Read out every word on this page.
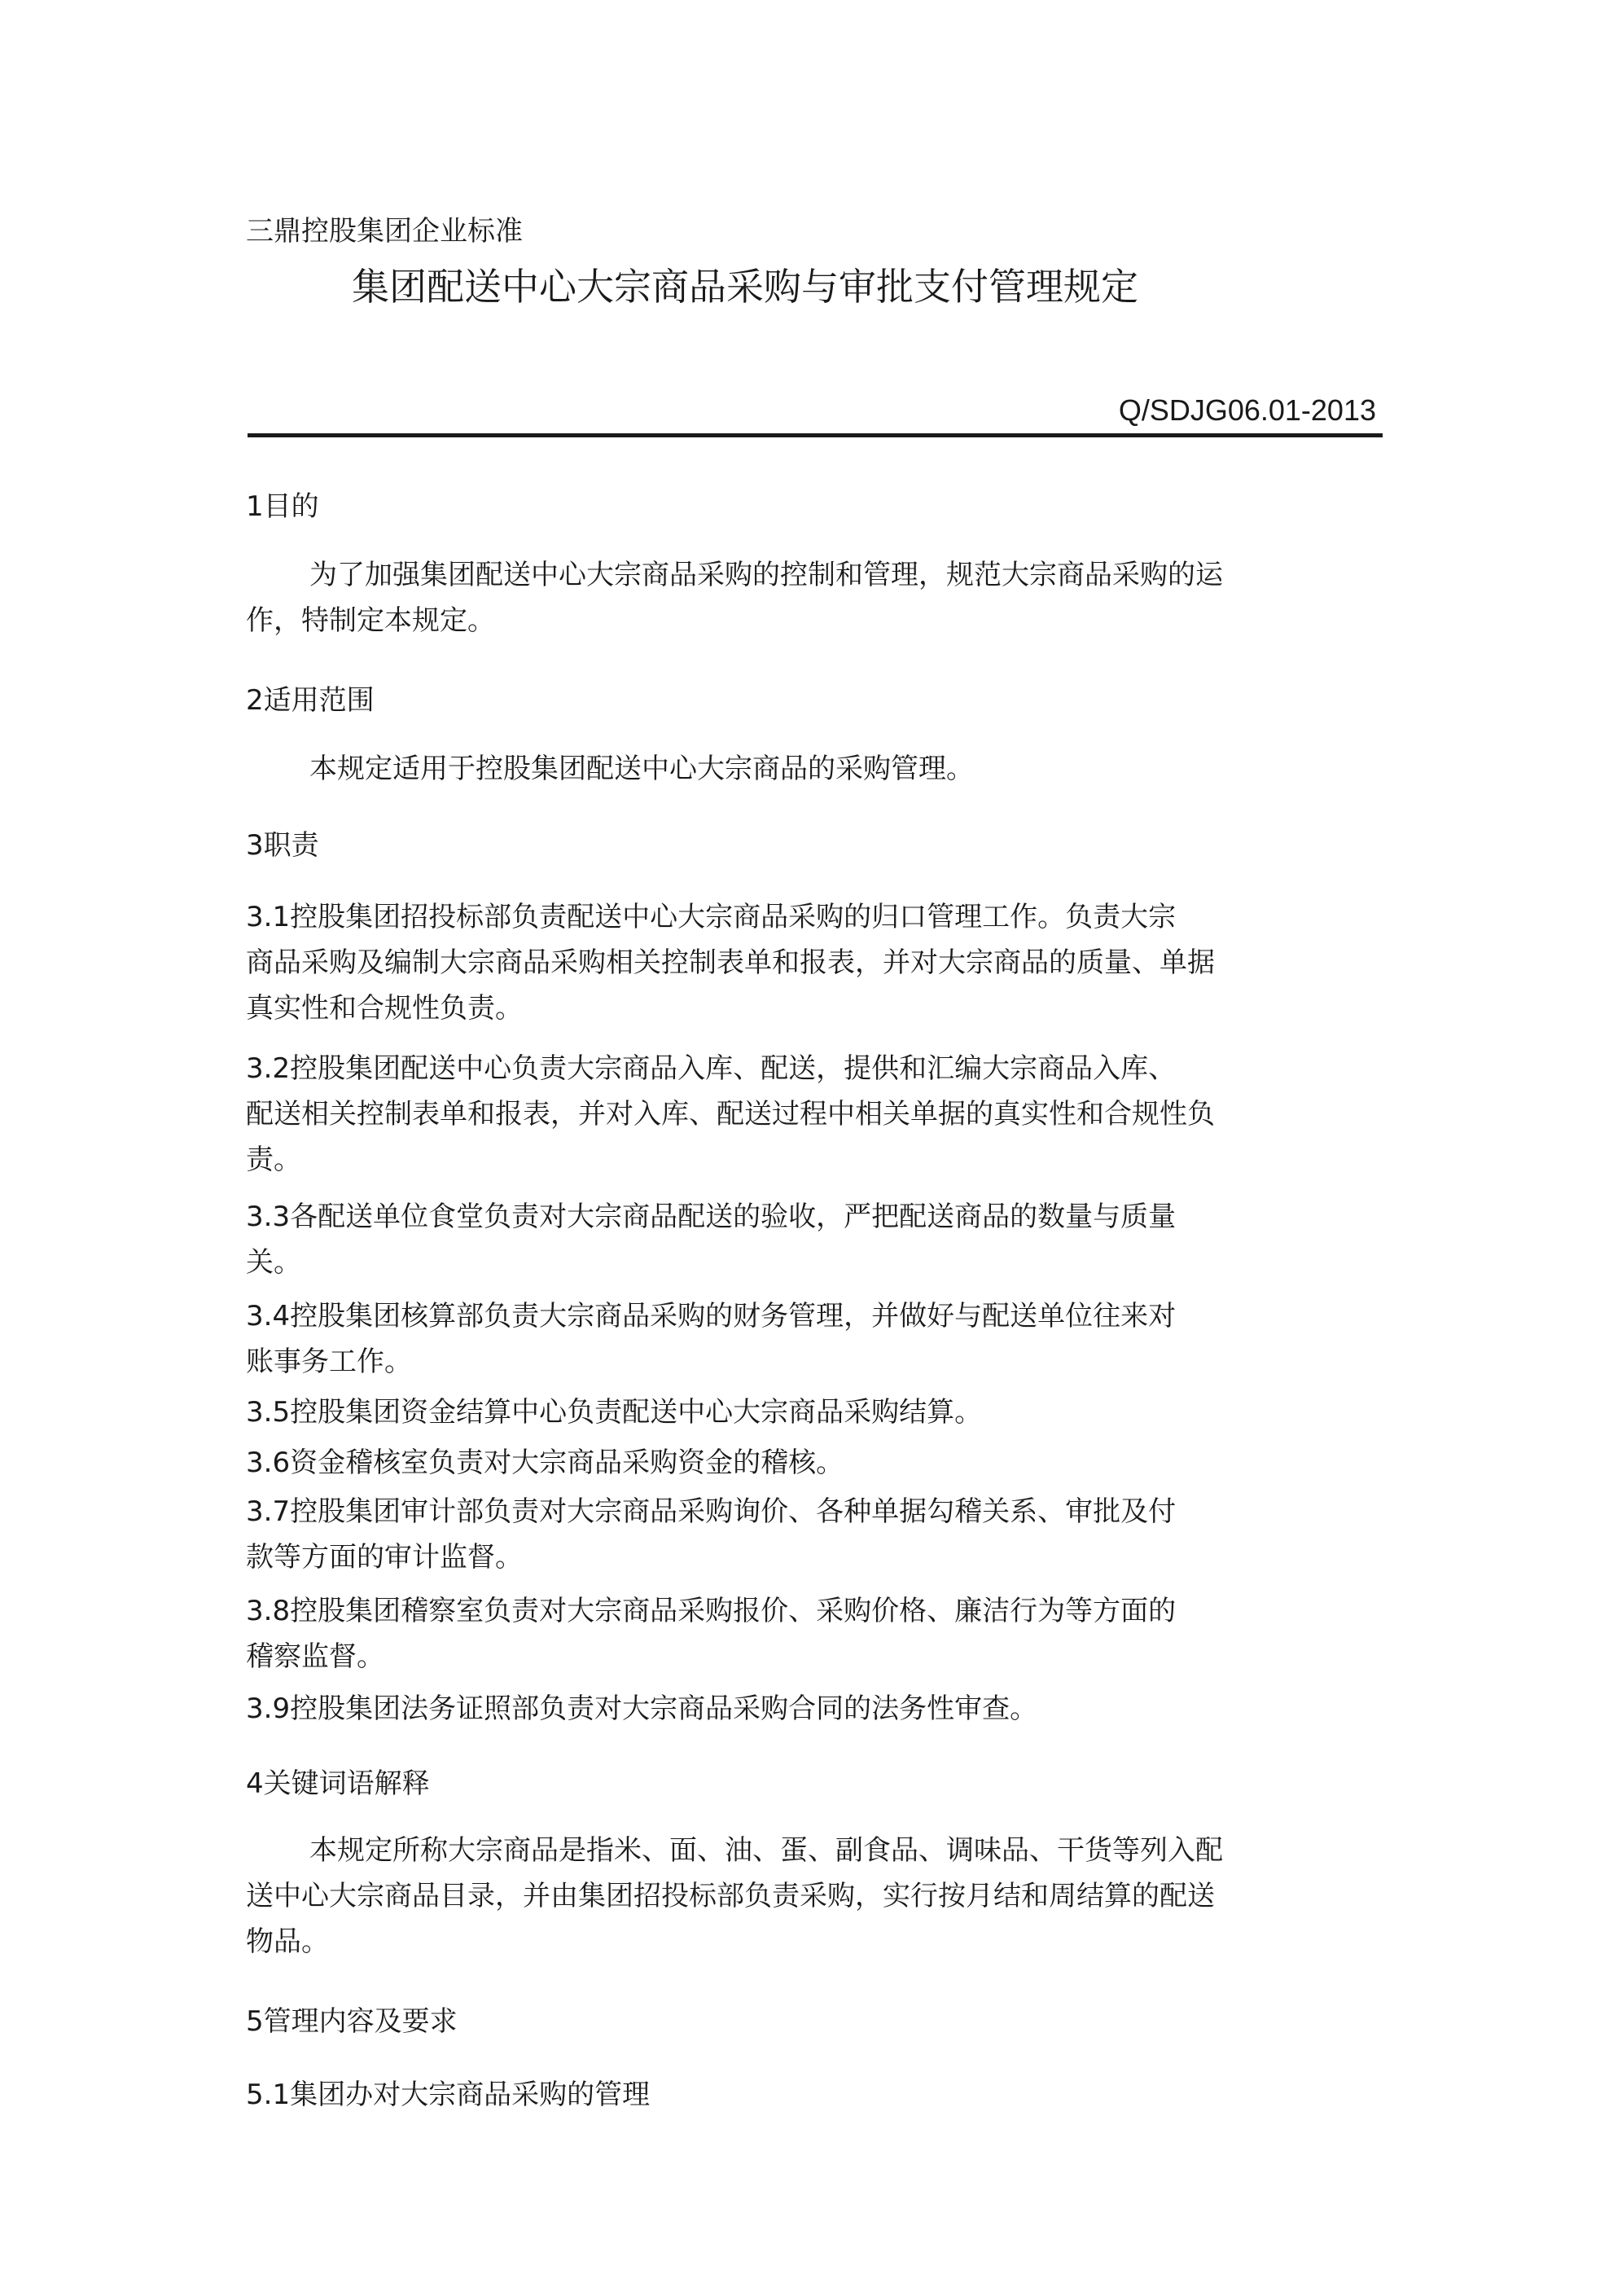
三鼎控股集团企业标准
集团配送中心大宗商品采购与审批支付管理规定
Q/SDJG06.01-2013
1目的
为了加强集团配送中心大宗商品采购的控制和管理，规范大宗商品采购的运
作，特制定本规定。
2适用范围
本规定适用于控股集团配送中心大宗商品的采购管理。
3职责
3.1控股集团招投标部负责配送中心大宗商品采购的归口管理工作。负责大宗
商品采购及编制大宗商品采购相关控制表单和报表，并对大宗商品的质量、单据
真实性和合规性负责。
3.2控股集团配送中心负责大宗商品入库、配送，提供和汇编大宗商品入库、
配送相关控制表单和报表，并对入库、配送过程中相关单据的真实性和合规性负
责。
3.3各配送单位食堂负责对大宗商品配送的验收，严把配送商品的数量与质量
关。
3.4控股集团核算部负责大宗商品采购的财务管理，并做好与配送单位往来对
账事务工作。
3.5控股集团资金结算中心负责配送中心大宗商品采购结算。
3.6资金稽核室负责对大宗商品采购资金的稽核。
3.7控股集团审计部负责对大宗商品采购询价、各种单据勾稽关系、审批及付
款等方面的审计监督。
3.8控股集团稽察室负责对大宗商品采购报价、采购价格、廉洁行为等方面的
稽察监督。
3.9控股集团法务证照部负责对大宗商品采购合同的法务性审查。
4关键词语解释
本规定所称大宗商品是指米、面、油、蛋、副食品、调味品、干货等列入配
送中心大宗商品目录，并由集团招投标部负责采购，实行按月结和周结算的配送
物品。
5管理内容及要求
5.1集团办对大宗商品采购的管理
